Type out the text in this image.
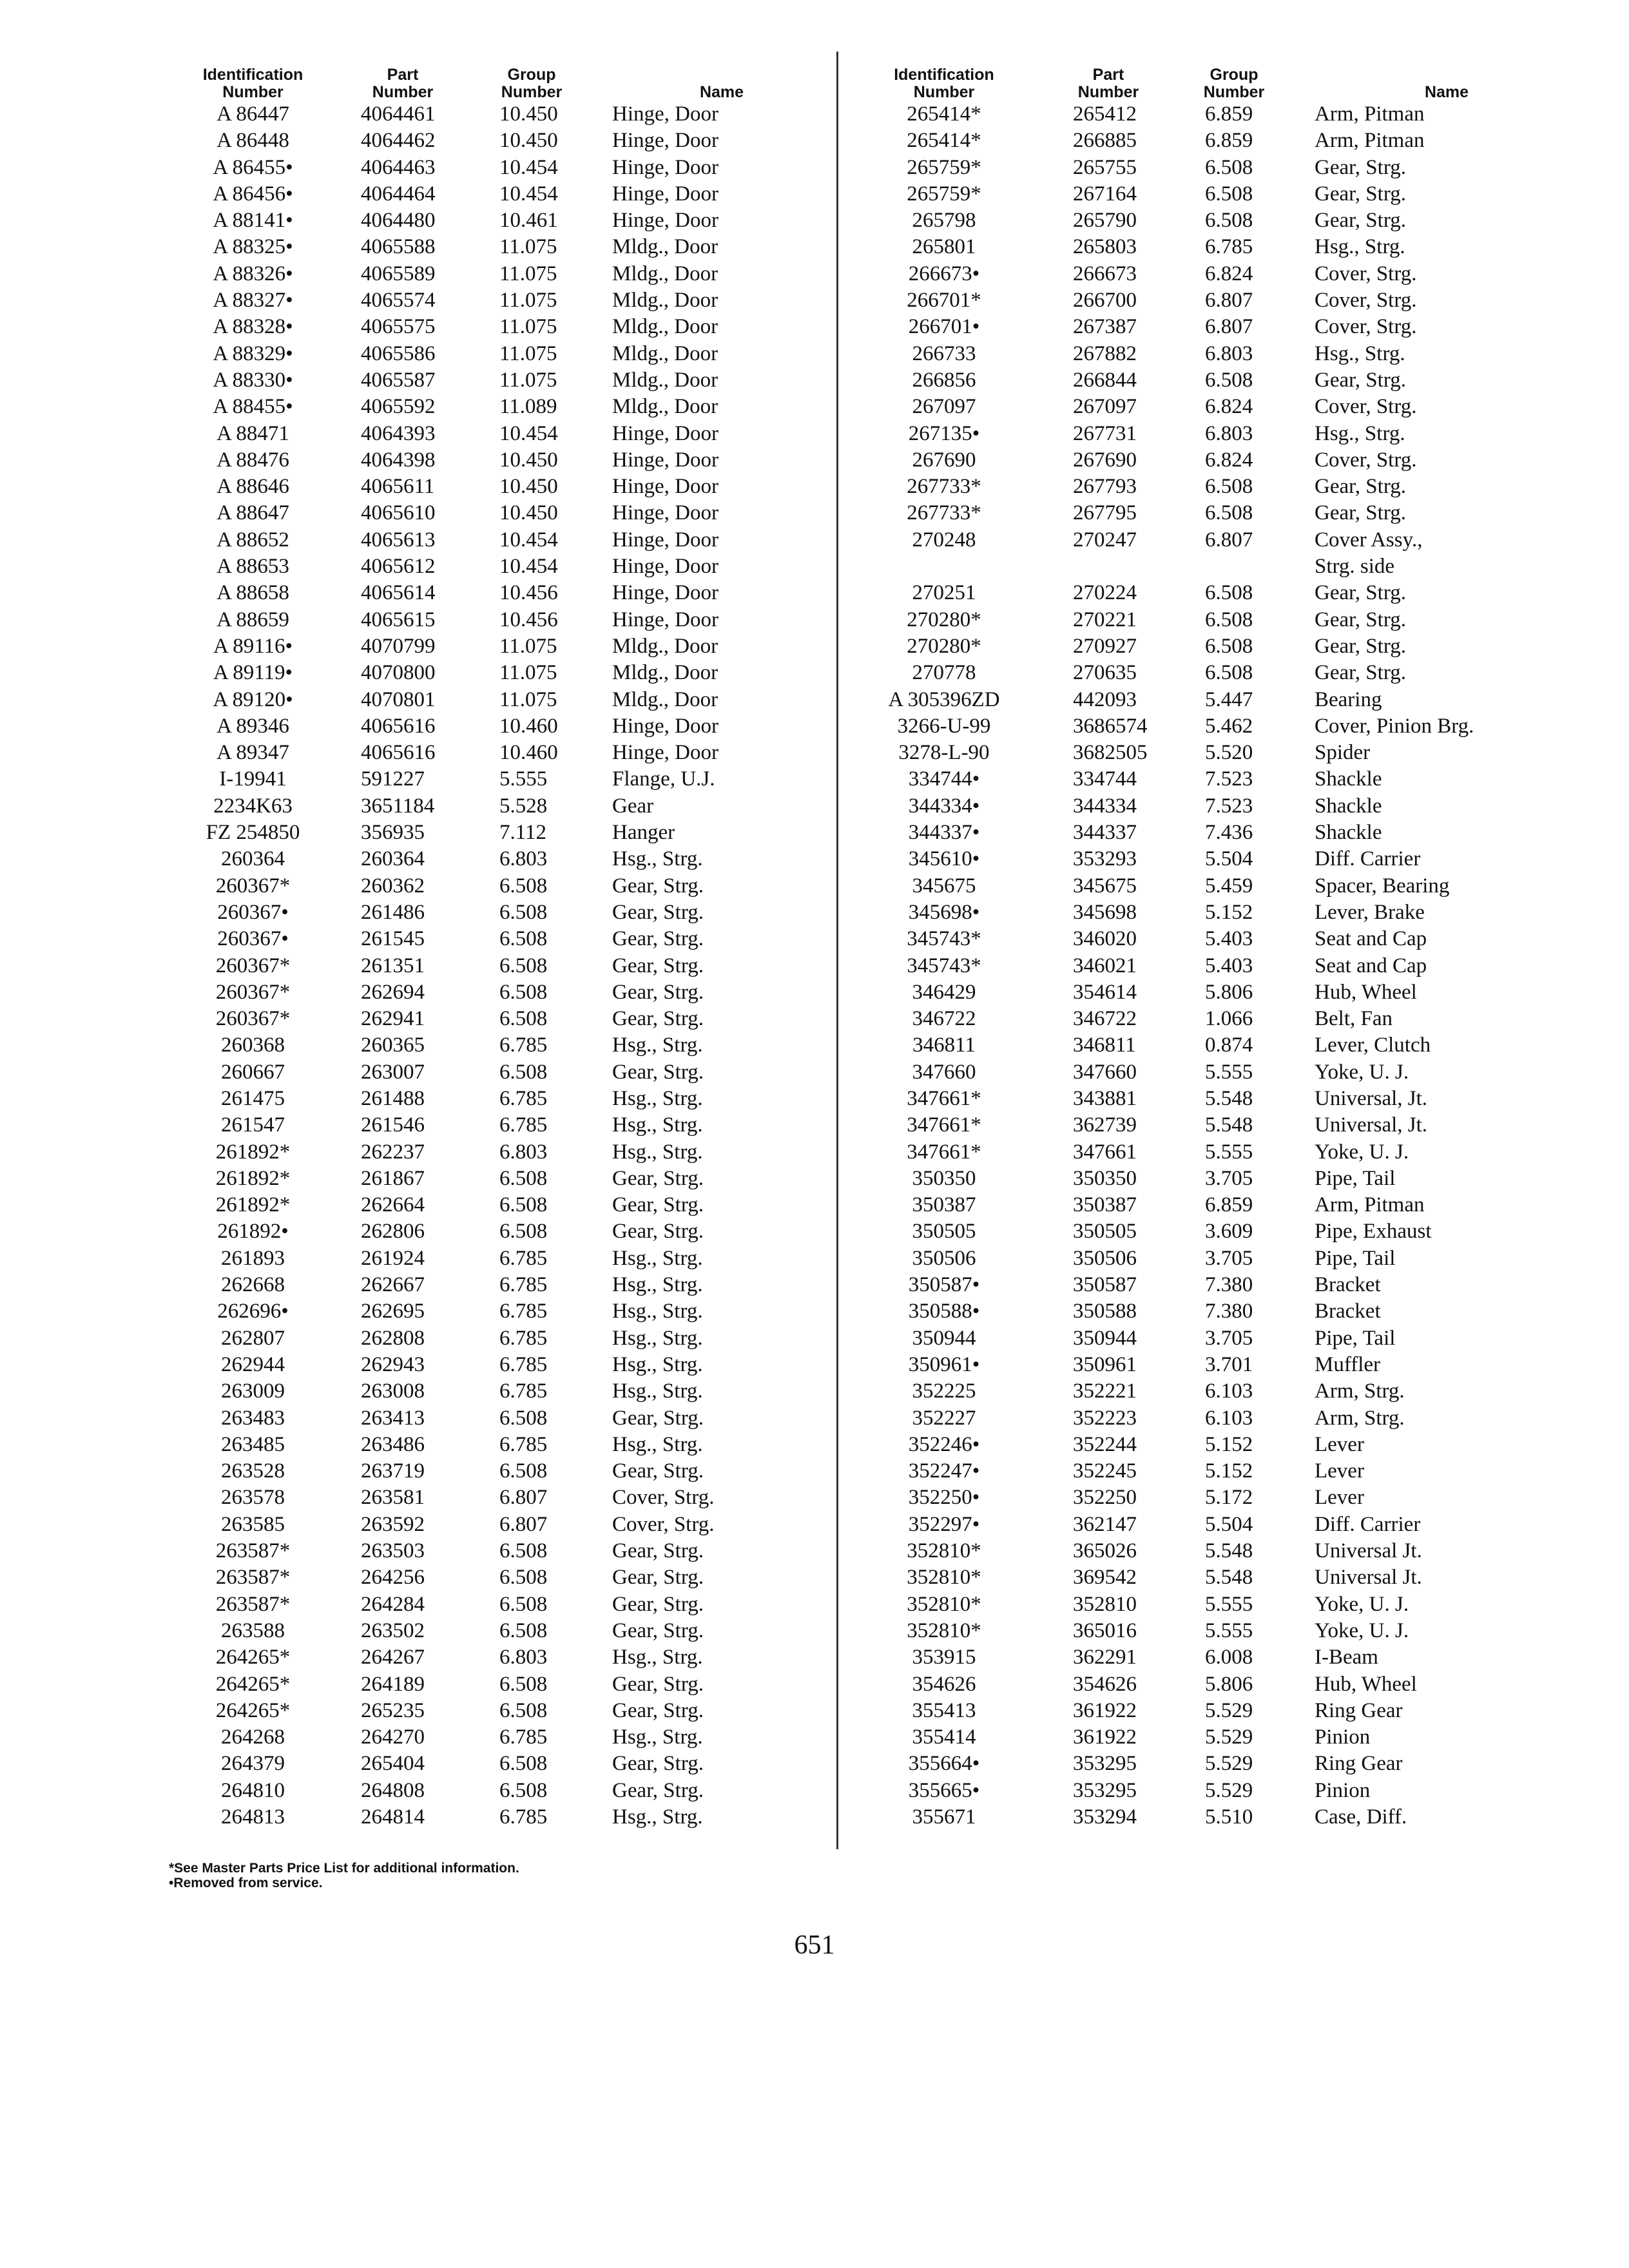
Identification
Number
Part
Number
Group
Number	Name
A 86447	4064461	10.450	Hinge, Door
A 86448	4064462	10.450	Hinge, Door
A 86455•	4064463	10.454	Hinge, Door
A 86456•	4064464	10.454	Hinge, Door
A 88141•	4064480	10.461	Hinge, Door
A 88325•	4065588	11.075	Mldg., Door
A 88326•	4065589	11.075	Mldg., Door
A 88327•	4065574	11.075	Mldg., Door
A 88328•	4065575	11.075	Mldg., Door
A 88329•	4065586	11.075	Mldg., Door
A 88330•	4065587	11.075	Mldg., Door
A 88455•	4065592	11.089	Mldg., Door
A 88471	4064393	10.454	Hinge, Door
A 88476	4064398	10.450	Hinge, Door
A 88646	4065611	10.450	Hinge, Door
A 88647	4065610	10.450	Hinge, Door
A 88652	4065613	10.454	Hinge, Door
A 88653	4065612	10.454	Hinge, Door
A 88658	4065614	10.456	Hinge, Door
A 88659	4065615	10.456	Hinge, Door
A 89116•	4070799	11.075	Mldg., Door
A 89119•	4070800	11.075	Mldg., Door
A 89120•	4070801	11.075	Mldg., Door
A 89346	4065616	10.460	Hinge, Door
A 89347	4065616	10.460	Hinge, Door
I-19941	591227	5.555	Flange, U.J.
2234K63	3651184	5.528	Gear
FZ 254850	356935	7.112	Hanger
260364	260364	6.803	Hsg., Strg.
260367*	260362	6.508	Gear, Strg.
260367•	261486	6.508	Gear, Strg.
260367•	261545	6.508	Gear, Strg.
260367*	261351	6.508	Gear, Strg.
260367*	262694	6.508	Gear, Strg.
260367*	262941	6.508	Gear, Strg.
260368	260365	6.785	Hsg., Strg.
260667	263007	6.508	Gear, Strg.
261475	261488	6.785	Hsg., Strg.
261547	261546	6.785	Hsg., Strg.
261892*	262237	6.803	Hsg., Strg.
261892*	261867	6.508	Gear, Strg.
261892*	262664	6.508	Gear, Strg.
261892•	262806	6.508	Gear, Strg.
261893	261924	6.785	Hsg., Strg.
262668	262667	6.785	Hsg., Strg.
262696•	262695	6.785	Hsg., Strg.
262807	262808	6.785	Hsg., Strg.
262944	262943	6.785	Hsg., Strg.
263009	263008	6.785	Hsg., Strg.
263483	263413	6.508	Gear, Strg.
263485	263486	6.785	Hsg., Strg.
263528	263719	6.508	Gear, Strg.
263578	263581	6.807	Cover, Strg.
263585	263592	6.807	Cover, Strg.
263587*	263503	6.508	Gear, Strg.
263587*	264256	6.508	Gear, Strg.
263587*	264284	6.508	Gear, Strg.
263588	263502	6.508	Gear, Strg.
264265*	264267	6.803	Hsg., Strg.
264265*	264189	6.508	Gear, Strg.
264265*	265235	6.508	Gear, Strg.
264268	264270	6.785	Hsg., Strg.
264379	265404	6.508	Gear, Strg.
264810	264808	6.508	Gear, Strg.
264813	264814	6.785	Hsg., Strg.
Identification
Number
Part
Number
Group
Number	Name
265414*	265412	6.859	Arm, Pitman
265414*	266885	6.859	Arm, Pitman
265759*	265755	6.508	Gear, Strg.
265759*	267164	6.508	Gear, Strg.
265798	265790	6.508	Gear, Strg.
265801	265803	6.785	Hsg., Strg.
266673•	266673	6.824	Cover, Strg.
266701*	266700	6.807	Cover, Strg.
266701•	267387	6.807	Cover, Strg.
266733	267882	6.803	Hsg., Strg.
266856	266844	6.508	Gear, Strg.
267097	267097	6.824	Cover, Strg.
267135•	267731	6.803	Hsg., Strg.
267690	267690	6.824	Cover, Strg.
267733*	267793	6.508	Gear, Strg.
267733*	267795	6.508	Gear, Strg.
270248	270247	6.807	Cover Assy.,
Strg. side
270251	270224	6.508	Gear, Strg.
270280*	270221	6.508	Gear, Strg.
270280*	270927	6.508	Gear, Strg.
270778	270635	6.508	Gear, Strg.
A 305396ZD	442093	5.447	Bearing
3266-U-99	3686574	5.462	Cover, Pinion Brg.
3278-L-90	3682505	5.520	Spider
334744•	334744	7.523	Shackle
344334•	344334	7.523	Shackle
344337•	344337	7.436	Shackle
345610•	353293	5.504	Diff. Carrier
345675	345675	5.459	Spacer, Bearing
345698•	345698	5.152	Lever, Brake
345743*	346020	5.403	Seat and Cap
345743*	346021	5.403	Seat and Cap
346429	354614	5.806	Hub, Wheel
346722	346722	1.066	Belt, Fan
346811	346811	0.874	Lever, Clutch
347660	347660	5.555	Yoke, U. J.
347661*	343881	5.548	Universal, Jt.
347661*	362739	5.548	Universal, Jt.
347661*	347661	5.555	Yoke, U. J.
350350	350350	3.705	Pipe, Tail
350387	350387	6.859	Arm, Pitman
350505	350505	3.609	Pipe, Exhaust
350506	350506	3.705	Pipe, Tail
350587•	350587	7.380	Bracket
350588•	350588	7.380	Bracket
350944	350944	3.705	Pipe, Tail
350961•	350961	3.701	Muffler
352225	352221	6.103	Arm, Strg.
352227	352223	6.103	Arm, Strg.
352246•	352244	5.152	Lever
352247•	352245	5.152	Lever
352250•	352250	5.172	Lever
352297•	362147	5.504	Diff. Carrier
352810*	365026	5.548	Universal Jt.
352810*	369542	5.548	Universal Jt.
352810*	352810	5.555	Yoke, U. J.
352810*	365016	5.555	Yoke, U. J.
353915	362291	6.008	I-Beam
354626	354626	5.806	Hub, Wheel
355413	361922	5.529	Ring Gear
355414	361922	5.529	Pinion
355664•	353295	5.529	Ring Gear
355665•	353295	5.529	Pinion
355671	353294	5.510	Case, Diff.
*See Master Parts Price List for additional information.
•Removed from service.
651
